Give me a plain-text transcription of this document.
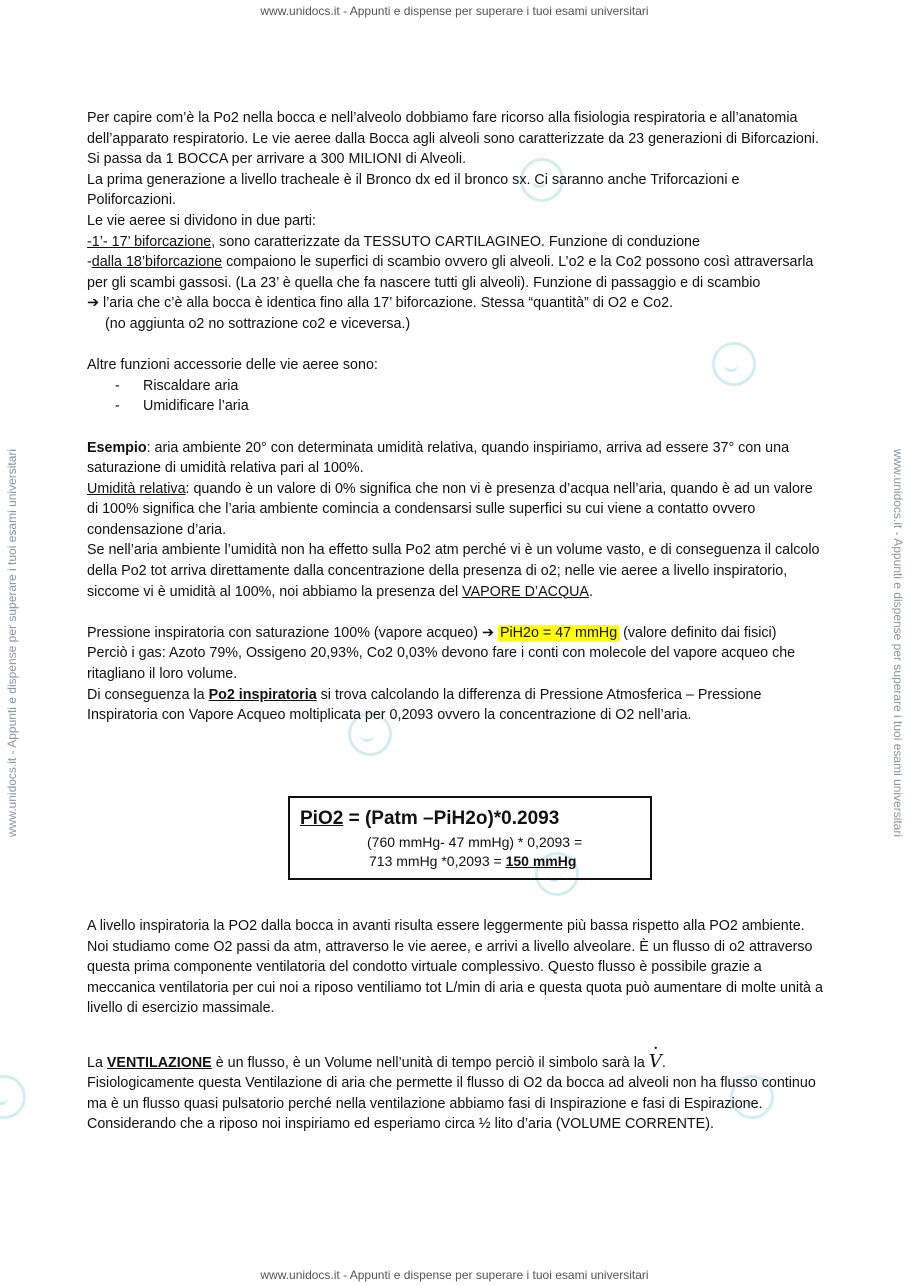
www.unidocs.it - Appunti e dispense per superare i tuoi esami universitari
www.unidocs.it - Appunti e dispense per superare i tuoi esami universitari
www.unidocs.it - Appunti e dispense per superare i tuoi esami universitari	www.unidocs.it - Appunti e dispense per superare i tuoi esami universitari

Per capire com’è la Po2 nella bocca e nell’alveolo dobbiamo fare ricorso alla fisiologia respiratoria e all’anatomia dell’apparato respiratorio. Le vie aeree dalla Bocca agli alveoli sono caratterizzate da 23 generazioni di Biforcazioni. Si passa da 1 BOCCA per arrivare a 300 MILIONI di Alveoli.

La prima generazione a livello tracheale è il Bronco dx ed il bronco sx. Ci saranno anche Triforcazioni e Poliforcazioni.

Le vie aeree si dividono in due parti:

-1’- 17’ biforcazione, sono caratterizzate da TESSUTO CARTILAGINEO. Funzione di conduzione

-dalla 18’biforcazione compaiono le superfici di scambio ovvero gli alveoli. L’o2 e la Co2 possono così attraversarla per gli scambi gassosi. (La 23’ è quella che fa nascere tutti gli alveoli). Funzione di passaggio e di scambio

➔ l’aria che c’è alla bocca è identica fino alla 17’ biforcazione. Stessa “quantità” di O2 e Co2.

(no aggiunta o2 no sottrazione co2 e viceversa.)

Altre funzioni accessorie delle vie aeree sono:

- Riscaldare aria

- Umidificare l’aria

Esempio: aria ambiente 20° con determinata umidità relativa, quando inspiriamo, arriva ad essere 37° con una saturazione di umidità relativa pari al 100%.

Umidità relativa: quando è un valore di 0% significa che non vi è presenza d’acqua nell’aria, quando è ad un valore di 100% significa che l’aria ambiente comincia a condensarsi sulle superfici su cui viene a contatto ovvero condensazione d’aria.

Se nell’aria ambiente l’umidità non ha effetto sulla Po2 atm perché vi è un volume vasto, e di conseguenza il calcolo della Po2 tot arriva direttamente dalla concentrazione della presenza di o2; nelle vie aeree a livello inspiratorio, siccome vi è umidità al 100%, noi abbiamo la presenza del VAPORE D’ACQUA.

Pressione inspiratoria con saturazione 100% (vapore acqueo) ➔ PiH2o = 47 mmHg (valore definito dai fisici)

Perciò i gas: Azoto 79%, Ossigeno 20,93%, Co2 0,03% devono fare i conti con molecole del vapore acqueo che ritagliano il loro volume.

Di conseguenza la Po2 inspiratoria si trova calcolando la differenza di Pressione Atmosferica – Pressione Inspiratoria con Vapore Acqueo moltiplicata per 0,2093 ovvero la concentrazione di O2 nell’aria.

PiO2 = (Patm –PiH2o)*0.2093
(760 mmHg- 47 mmHg) * 0,2093 =
713 mmHg *0,2093 = 150 mmHg

A livello inspiratoria la PO2 dalla bocca in avanti risulta essere leggermente più bassa rispetto alla PO2 ambiente.

Noi studiamo come O2 passi da atm, attraverso le vie aeree, e arrivi a livello alveolare. È un flusso di o2 attraverso questa prima componente ventilatoria del condotto virtuale complessivo. Questo flusso è possibile grazie a meccanica ventilatoria per cui noi a riposo ventiliamo tot L/min di aria e questa quota può aumentare di molte unità a livello di esercizio massimale.

La VENTILAZIONE è un flusso, è un Volume nell’unità di tempo perciò il simbolo sarà la · V.

Fisiologicamente questa Ventilazione di aria che permette il flusso di O2 da bocca ad alveoli non ha flusso continuo ma è un flusso quasi pulsatorio perché nella ventilazione abbiamo fasi di Inspirazione e fasi di Espirazione. Considerando che a riposo noi inspiriamo ed esperiamo circa ½ lito d’aria (VOLUME CORRENTE).
